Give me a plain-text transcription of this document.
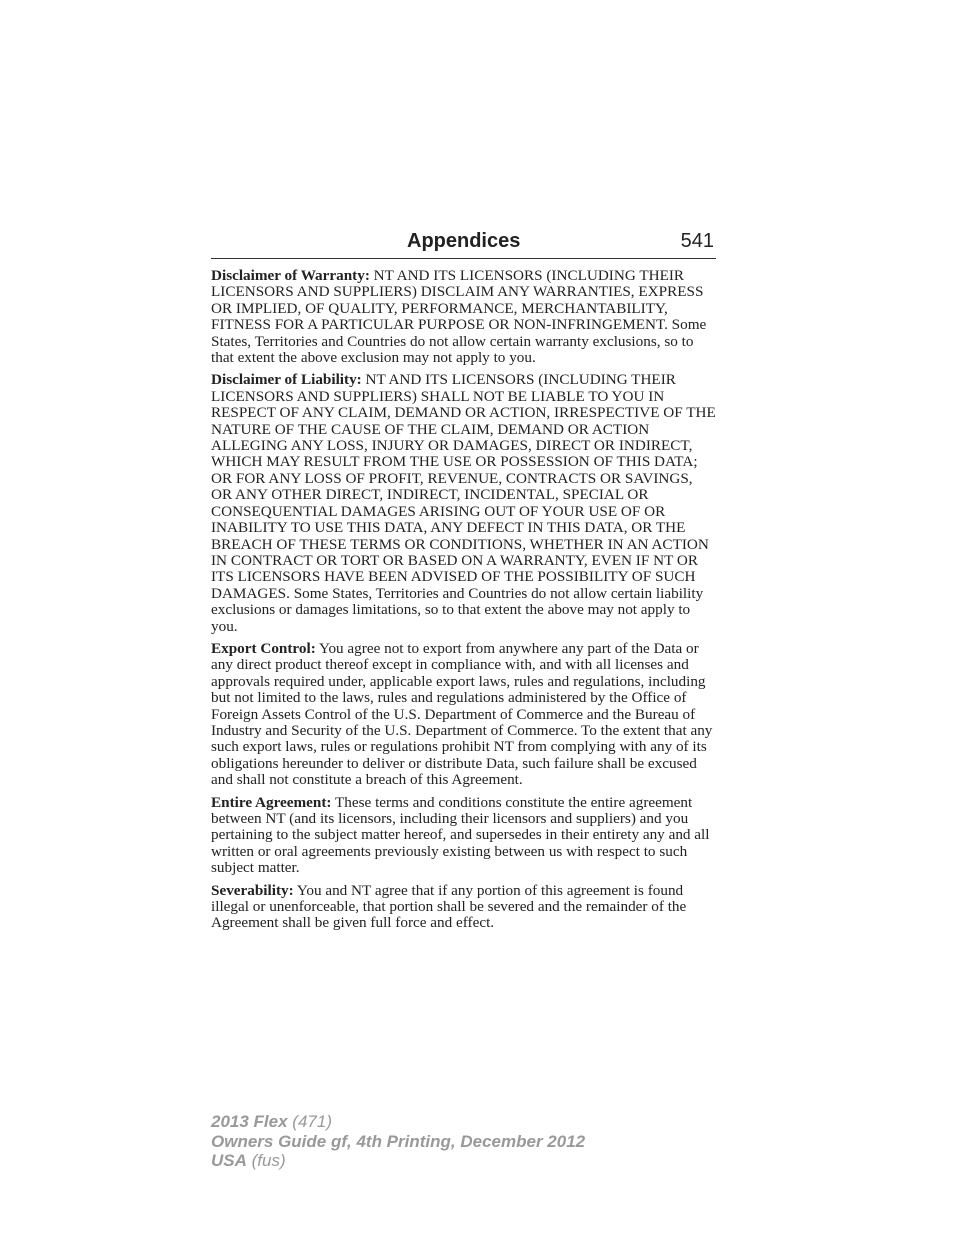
Appendices	541

Disclaimer of Warranty: NT AND ITS LICENSORS (INCLUDING THEIR LICENSORS AND SUPPLIERS) DISCLAIM ANY WARRANTIES, EXPRESS OR IMPLIED, OF QUALITY, PERFORMANCE, MERCHANTABILITY, FITNESS FOR A PARTICULAR PURPOSE OR NON-INFRINGEMENT. Some States, Territories and Countries do not allow certain warranty exclusions, so to that extent the above exclusion may not apply to you.

Disclaimer of Liability: NT AND ITS LICENSORS (INCLUDING THEIR LICENSORS AND SUPPLIERS) SHALL NOT BE LIABLE TO YOU IN RESPECT OF ANY CLAIM, DEMAND OR ACTION, IRRESPECTIVE OF THE NATURE OF THE CAUSE OF THE CLAIM, DEMAND OR ACTION ALLEGING ANY LOSS, INJURY OR DAMAGES, DIRECT OR INDIRECT, WHICH MAY RESULT FROM THE USE OR POSSESSION OF THIS DATA; OR FOR ANY LOSS OF PROFIT, REVENUE, CONTRACTS OR SAVINGS, OR ANY OTHER DIRECT, INDIRECT, INCIDENTAL, SPECIAL OR CONSEQUENTIAL DAMAGES ARISING OUT OF YOUR USE OF OR INABILITY TO USE THIS DATA, ANY DEFECT IN THIS DATA, OR THE BREACH OF THESE TERMS OR CONDITIONS, WHETHER IN AN ACTION IN CONTRACT OR TORT OR BASED ON A WARRANTY, EVEN IF NT OR ITS LICENSORS HAVE BEEN ADVISED OF THE POSSIBILITY OF SUCH DAMAGES. Some States, Territories and Countries do not allow certain liability exclusions or damages limitations, so to that extent the above may not apply to you.

Export Control: You agree not to export from anywhere any part of the Data or any direct product thereof except in compliance with, and with all licenses and approvals required under, applicable export laws, rules and regulations, including but not limited to the laws, rules and regulations administered by the Office of Foreign Assets Control of the U.S. Department of Commerce and the Bureau of Industry and Security of the U.S. Department of Commerce. To the extent that any such export laws, rules or regulations prohibit NT from complying with any of its obligations hereunder to deliver or distribute Data, such failure shall be excused and shall not constitute a breach of this Agreement.

Entire Agreement: These terms and conditions constitute the entire agreement between NT (and its licensors, including their licensors and suppliers) and you pertaining to the subject matter hereof, and supersedes in their entirety any and all written or oral agreements previously existing between us with respect to such subject matter.

Severability: You and NT agree that if any portion of this agreement is found illegal or unenforceable, that portion shall be severed and the remainder of the Agreement shall be given full force and effect.

2013 Flex (471)
Owners Guide gf, 4th Printing, December 2012
USA (fus)
